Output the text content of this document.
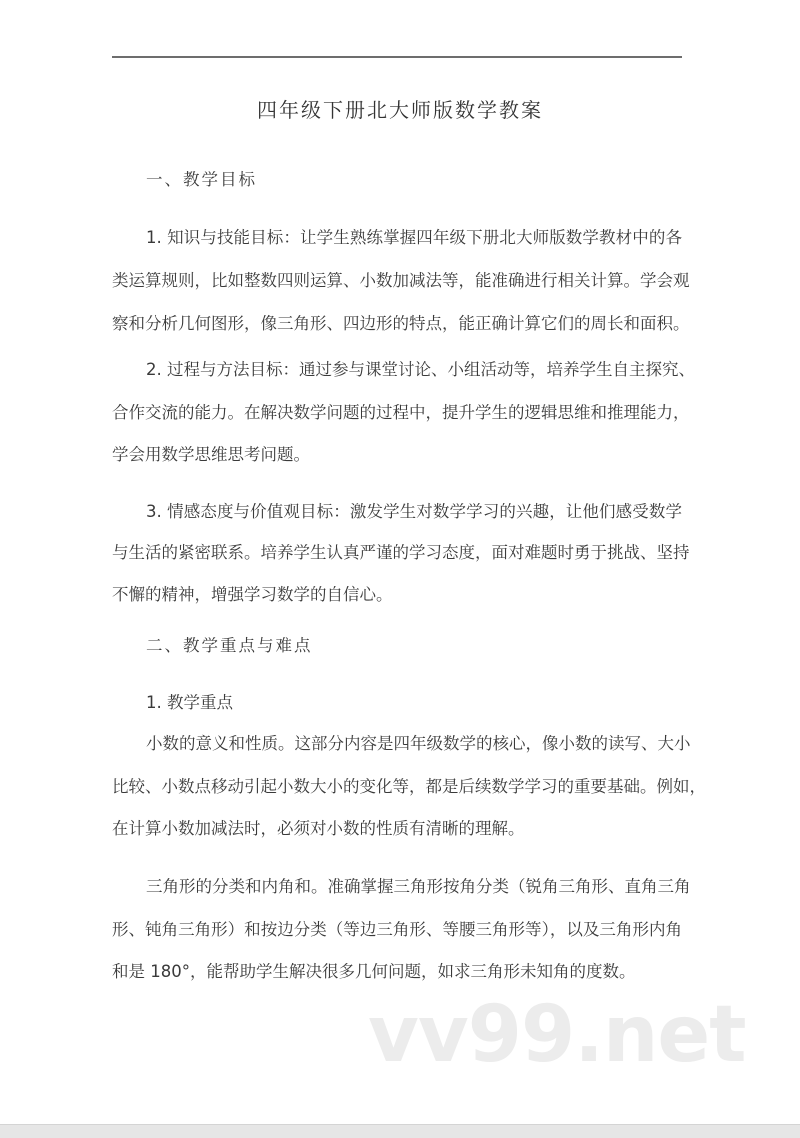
四年级下册北大师版数学教案
一、教学目标
1. 知识与技能目标：让学生熟练掌握四年级下册北大师版数学教材中的各
类运算规则，比如整数四则运算、小数加减法等，能准确进行相关计算。学会观
察和分析几何图形，像三角形、四边形的特点，能正确计算它们的周长和面积。
2. 过程与方法目标：通过参与课堂讨论、小组活动等，培养学生自主探究、
合作交流的能力。在解决数学问题的过程中，提升学生的逻辑思维和推理能力，
学会用数学思维思考问题。
3. 情感态度与价值观目标：激发学生对数学学习的兴趣，让他们感受数学
与生活的紧密联系。培养学生认真严谨的学习态度，面对难题时勇于挑战、坚持
不懈的精神，增强学习数学的自信心。
二、教学重点与难点
1. 教学重点
小数的意义和性质。这部分内容是四年级数学的核心，像小数的读写、大小
比较、小数点移动引起小数大小的变化等，都是后续数学学习的重要基础。例如，
在计算小数加减法时，必须对小数的性质有清晰的理解。
三角形的分类和内角和。准确掌握三角形按角分类（锐角三角形、直角三角
形、钝角三角形）和按边分类（等边三角形、等腰三角形等），以及三角形内角
和是 180°，能帮助学生解决很多几何问题，如求三角形未知角的度数。
vv99.net
